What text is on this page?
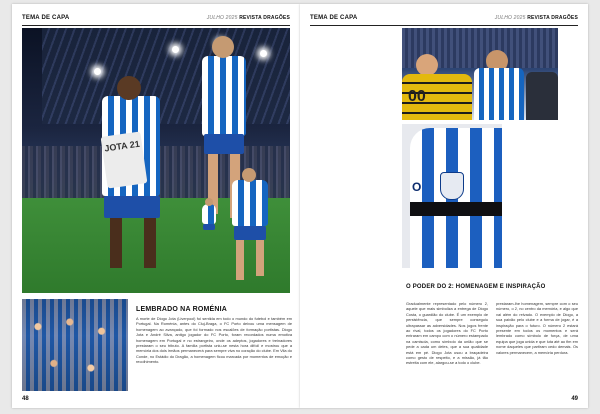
TEMA DE CAPA	JULHO 2025 REVISTA DRAGÕES
JOTA 21
LEMBRADO NA ROMÉNIA

A morte de Diogo Jota (Liverpool) foi sentida em todo o mundo do futebol e também em Portugal. Na Roménia, antes do Cluj-Braga, o FC Porto deixou uma mensagem de homenagem ao avançado, que foi formado nos escalões de formação portistas. Diogo Jota e André Silva, antigo jogador do FC Porto, foram recordados numa emotiva homenagem em Portugal e no estrangeiro, onde os adeptos, jogadores e treinadores prestaram o seu tributo. A família portista uniu-se nesta hora difícil e mostrou que a memória dos dois irmãos permanecerá para sempre viva no coração do clube. Em Vila do Conde, no Estádio do Dragão, a homenagem ficou marcada por momentos de emoção e recolhimento.

48
TEMA DE CAPA	JULHO 2025 REVISTA DRAGÕES
00
O
O PODER DO 2: HOMENAGEM E INSPIRAÇÃO

Gradualmente representado pelo número 2, aquele que mais simboliza a entrega de Diogo Costa, o guardião do clube. É um exemplo de persistência, que sempre conseguiu ultrapassar as adversidades. Nos jogos frente ao rival, todos os jogadores do FC Porto entraram em campo com o número estampado na camisola, como símbolo da união que se pede a cada um deles, que a sua qualidade está em pé. Diogo Jota usou a braçadeira como gesto de respeito, e a missão, já tão estreita com ele, alargou-se a todo o clube.

prestaram-lhe homenagem, sempre com o seu número, o 2, no centro da memória, e algo que vai além do relvado. O exemplo de Diogo, a sua paixão pelo clube e a forma de jogar, é a inspiração para o futuro. O número 2 estará presente em todos os momentos e será lembrado como símbolo de força, de uma equipa que joga unida e que luta até ao fim em nome daqueles que partiram cedo demais. Os valores permanecem, a memória perdura.

49
